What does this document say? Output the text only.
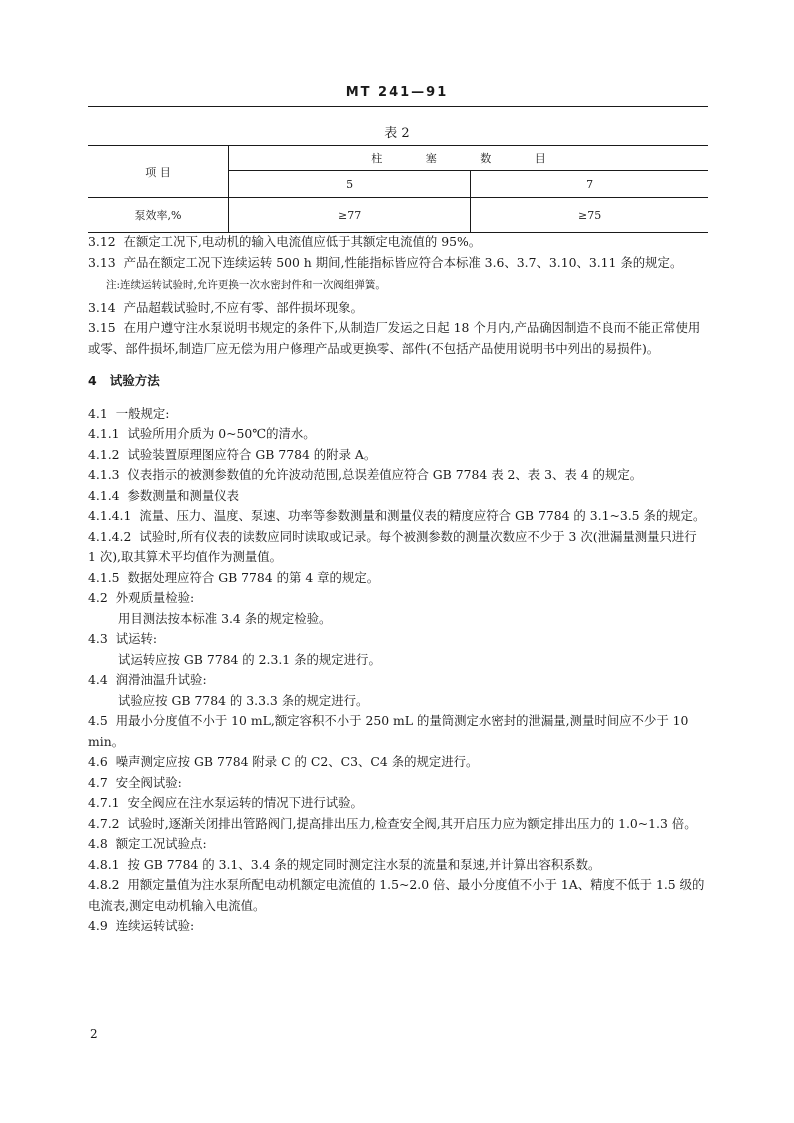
MT 241—91
表 2
项 目	柱 塞 数 目	
	5	7
泵效率,%	≥77	≥75

3.12 在额定工况下,电动机的输入电流值应低于其额定电流值的 95%。

3.13 产品在额定工况下连续运转 500 h 期间,性能指标皆应符合本标准 3.6、3.7、3.10、3.11 条的规定。

注:连续运转试验时,允许更换一次水密封件和一次阀组弹簧。

3.14 产品超载试验时,不应有零、部件损坏现象。

3.15 在用户遵守注水泵说明书规定的条件下,从制造厂发运之日起 18 个月内,产品确因制造不良而不能正常使用或零、部件损坏,制造厂应无偿为用户修理产品或更换零、部件(不包括产品使用说明书中列出的易损件)。

4 试验方法

4.1 一般规定:

4.1.1 试验所用介质为 0~50℃的清水。

4.1.2 试验装置原理图应符合 GB 7784 的附录 A。

4.1.3 仪表指示的被测参数值的允许波动范围,总误差值应符合 GB 7784 表 2、表 3、表 4 的规定。

4.1.4 参数测量和测量仪表

4.1.4.1 流量、压力、温度、泵速、功率等参数测量和测量仪表的精度应符合 GB 7784 的 3.1~3.5 条的规定。

4.1.4.2 试验时,所有仪表的读数应同时读取或记录。每个被测参数的测量次数应不少于 3 次(泄漏量测量只进行 1 次),取其算术平均值作为测量值。

4.1.5 数据处理应符合 GB 7784 的第 4 章的规定。

4.2 外观质量检验:

用目测法按本标准 3.4 条的规定检验。

4.3 试运转:

试运转应按 GB 7784 的 2.3.1 条的规定进行。

4.4 润滑油温升试验:

试验应按 GB 7784 的 3.3.3 条的规定进行。

4.5 用最小分度值不小于 10 mL,额定容积不小于 250 mL 的量筒测定水密封的泄漏量,测量时间应不少于 10 min。

4.6 噪声测定应按 GB 7784 附录 C 的 C2、C3、C4 条的规定进行。

4.7 安全阀试验:

4.7.1 安全阀应在注水泵运转的情况下进行试验。

4.7.2 试验时,逐渐关闭排出管路阀门,提高排出压力,检查安全阀,其开启压力应为额定排出压力的 1.0~1.3 倍。

4.8 额定工况试验点:

4.8.1 按 GB 7784 的 3.1、3.4 条的规定同时测定注水泵的流量和泵速,并计算出容积系数。

4.8.2 用额定量值为注水泵所配电动机额定电流值的 1.5~2.0 倍、最小分度值不小于 1A、精度不低于 1.5 级的电流表,测定电动机输入电流值。

4.9 连续运转试验:

2
